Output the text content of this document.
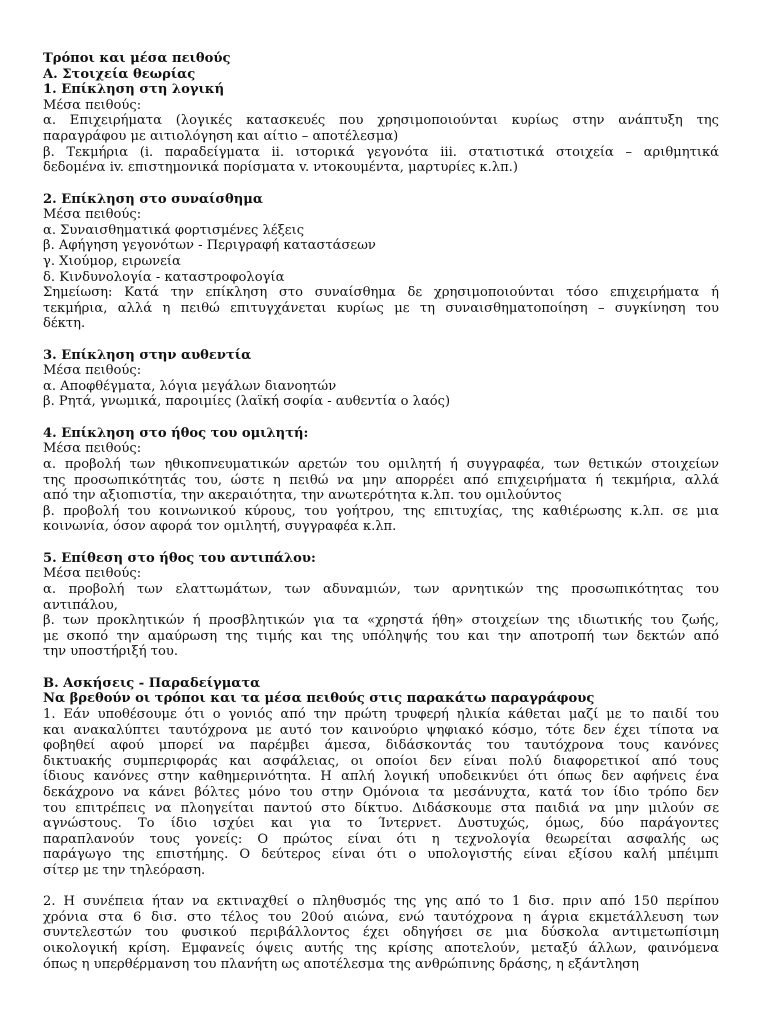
Τρόποι και μέσα πειθούς
Α. Στοιχεία θεωρίας
1. Επίκληση στη λογική
Μέσα πειθούς:
α. Επιχειρήματα (λογικές κατασκευές που χρησιμοποιούνται κυρίως στην ανάπτυξη της
παραγράφου με αιτιολόγηση και αίτιο – αποτέλεσμα)
β. Τεκμήρια (i. παραδείγματα ii. ιστορικά γεγονότα iii. στατιστικά στοιχεία – αριθμητικά
δεδομένα iv. επιστημονικά πορίσματα v. ντοκουμέντα, μαρτυρίες κ.λπ.)
2. Επίκληση στο συναίσθημα
Μέσα πειθούς:
α. Συναισθηματικά φορτισμένες λέξεις
β. Αφήγηση γεγονότων - Περιγραφή καταστάσεων
γ. Χιούμορ, ειρωνεία
δ. Κινδυνολογία - καταστροφολογία
Σημείωση: Κατά την επίκληση στο συναίσθημα δε χρησιμοποιούνται τόσο επιχειρήματα ή
τεκμήρια, αλλά η πειθώ επιτυγχάνεται κυρίως με τη συναισθηματοποίηση – συγκίνηση του
δέκτη.
3. Επίκληση στην αυθεντία
Μέσα πειθούς:
α. Αποφθέγματα, λόγια μεγάλων διανοητών
β. Ρητά, γνωμικά, παροιμίες (λαϊκή σοφία - αυθεντία ο λαός)
4. Επίκληση στο ήθος του ομιλητή:
Μέσα πειθούς:
α. προβολή των ηθικοπνευματικών αρετών του ομιλητή ή συγγραφέα, των θετικών στοιχείων
της προσωπικότητάς του, ώστε η πειθώ να μην απορρέει από επιχειρήματα ή τεκμήρια, αλλά
από την αξιοπιστία, την ακεραιότητα, την ανωτερότητα κ.λπ. του ομιλούντος
β. προβολή του κοινωνικού κύρους, του γοήτρου, της επιτυχίας, της καθιέρωσης κ.λπ. σε μια
κοινωνία, όσον αφορά τον ομιλητή, συγγραφέα κ.λπ.
5. Επίθεση στο ήθος του αντιπάλου:
Μέσα πειθούς:
α. προβολή των ελαττωμάτων, των αδυναμιών, των αρνητικών της προσωπικότητας του
αντιπάλου,
β. των προκλητικών ή προσβλητικών για τα «χρηστά ήθη» στοιχείων της ιδιωτικής του ζωής,
με σκοπό την αμαύρωση της τιμής και της υπόληψής του και την αποτροπή των δεκτών από
την υποστήριξή του.
Β. Ασκήσεις - Παραδείγματα
Να βρεθούν οι τρόποι και τα μέσα πειθούς στις παρακάτω παραγράφους
1. Εάν υποθέσουμε ότι ο γονιός από την πρώτη τρυφερή ηλικία κάθεται μαζί με το παιδί του
και ανακαλύπτει ταυτόχρονα με αυτό τον καινούριο ψηφιακό κόσμο, τότε δεν έχει τίποτα να
φοβηθεί αφού μπορεί να παρέμβει άμεσα, διδάσκοντάς του ταυτόχρονα τους κανόνες
δικτυακής συμπεριφοράς και ασφάλειας, οι οποίοι δεν είναι πολύ διαφορετικοί από τους
ίδιους κανόνες στην καθημερινότητα. Η απλή λογική υποδεικνύει ότι όπως δεν αφήνεις ένα
δεκάχρονο να κάνει βόλτες μόνο του στην Ομόνοια τα μεσάνυχτα, κατά τον ίδιο τρόπο δεν
του επιτρέπεις να πλοηγείται παντού στο δίκτυο. Διδάσκουμε στα παιδιά να μην μιλούν σε
αγνώστους. Το ίδιο ισχύει και για το Ίντερνετ. Δυστυχώς, όμως, δύο παράγοντες
παραπλανούν τους γονείς: Ο πρώτος είναι ότι η τεχνολογία θεωρείται ασφαλής ως
παράγωγο της επιστήμης. Ο δεύτερος είναι ότι ο υπολογιστής είναι εξίσου καλή μπέιμπι
σίτερ με την τηλεόραση.
2. Η συνέπεια ήταν να εκτιναχθεί ο πληθυσμός της γης από το 1 δισ. πριν από 150 περίπου
χρόνια στα 6 δισ. στο τέλος του 20ού αιώνα, ενώ ταυτόχρονα η άγρια εκμετάλλευση των
συντελεστών του φυσικού περιβάλλοντος έχει οδηγήσει σε μια δύσκολα αντιμετωπίσιμη
οικολογική κρίση. Εμφανείς όψεις αυτής της κρίσης αποτελούν, μεταξύ άλλων, φαινόμενα
όπως η υπερθέρμανση του πλανήτη ως αποτέλεσμα της ανθρώπινης δράσης, η εξάντληση
